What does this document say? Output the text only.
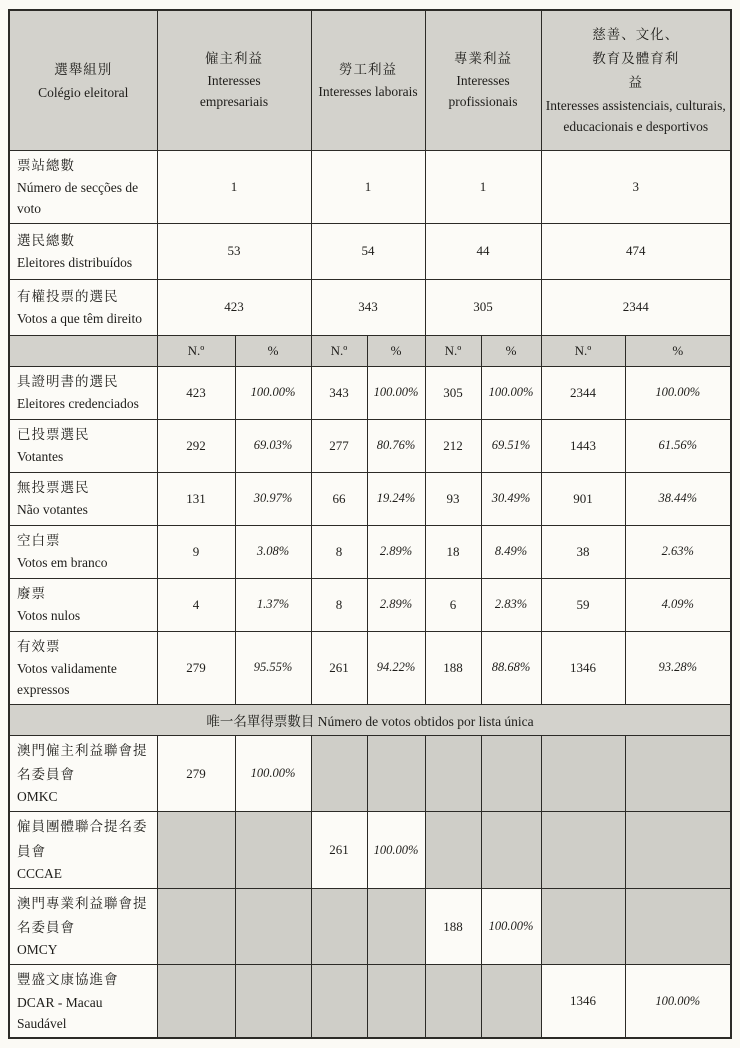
選舉組別
Colégio eleitoral

僱主利益
Interesses empresariais

勞工利益
Interesses laborais

專業利益
Interesses profissionais

慈善、文化、教育及體育利益
Interesses assistenciais, culturais, educacionais e desportivos

票站總數
Número de secções de voto	1		1		1		3	

選民總數
Eleitores distribuídos	53		54		44		474	

有權投票的選民
Votos a que têm direito	423		343		305		2344	
	N.º	%	N.º	%	N.º	%	N.º	%

具證明書的選民
Eleitores credenciados	423	100.00%	343	100.00%	305	100.00%	2344	100.00%

已投票選民
Votantes	292	69.03%	277	80.76%	212	69.51%	1443	61.56%

無投票選民
Não votantes	131	30.97%	66	19.24%	93	30.49%	901	38.44%

空白票
Votos em branco	9	3.08%	8	2.89%	18	8.49%	38	2.63%

廢票
Votos nulos	4	1.37%	8	2.89%	6	2.83%	59	4.09%

有效票
Votos validamente expressos	279	95.55%	261	94.22%	188	88.68%	1346	93.28%
唯一名單得票數目 Número de votos obtidos por lista única								

澳門僱主利益聯會提名委員會
OMKC	279	100.00%						

僱員團體聯合提名委員會
CCCAE			261	100.00%				

澳門專業利益聯會提名委員會
OMCY					188	100.00%		

豐盛文康協進會
DCAR - Macau Saudável							1346	100.00%
